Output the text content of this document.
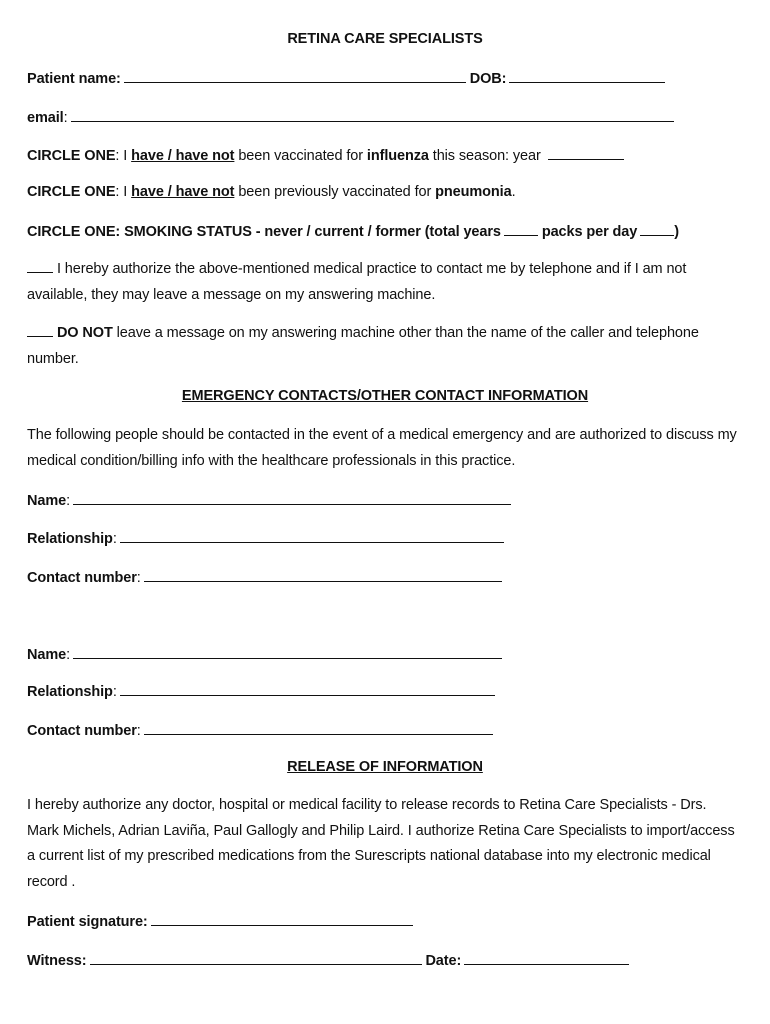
RETINA CARE SPECIALISTS
Patient name:	DOB:
email:
CIRCLE ONE: I have / have not been vaccinated for influenza this season: year
CIRCLE ONE: I have / have not been previously vaccinated for pneumonia.
CIRCLE ONE: SMOKING STATUS - never / current / former (total years	packs per day	)
I hereby authorize the above-mentioned medical practice to contact me by telephone and if I am not available, they may leave a message on my answering machine.
DO NOT leave a message on my answering machine other than the name of the caller and telephone number.
EMERGENCY CONTACTS/OTHER CONTACT INFORMATION
The following people should be contacted in the event of a medical emergency and are authorized to discuss my medical condition/billing info with the healthcare professionals in this practice.
Name:
Relationship:
Contact number:
Name:
Relationship:
Contact number:
RELEASE OF INFORMATION
I hereby authorize any doctor, hospital or medical facility to release records to Retina Care Specialists - Drs. Mark Michels, Adrian Laviña, Paul Gallogly and Philip Laird. I authorize Retina Care Specialists to import/access a current list of my prescribed medications from the Surescripts national database into my electronic medical record .
Patient signature:
Witness:	Date:
